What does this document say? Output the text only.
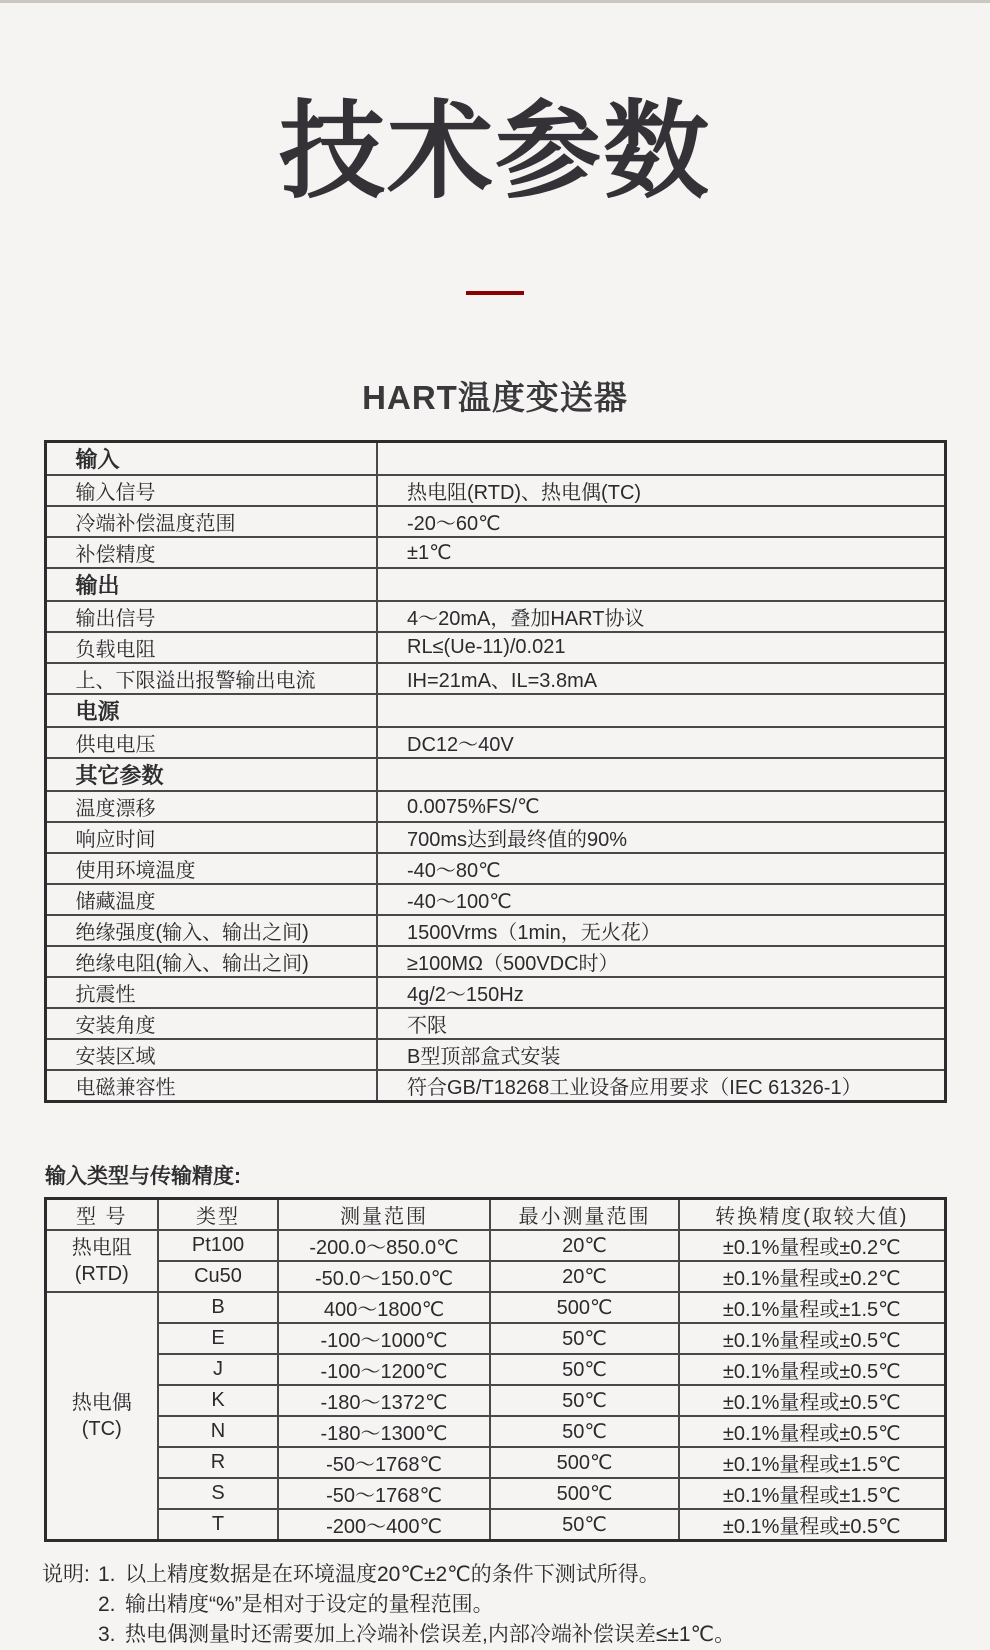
技术参数
HART温度变送器
输入	
输入信号	热电阻(RTD)、热电偶(TC)
冷端补偿温度范围	-20～60℃
补偿精度	±1℃
输出	
输出信号	4～20mA，叠加HART协议
负载电阻	RL≤(Ue-11)/0.021
上、下限溢出报警输出电流	IH=21mA、IL=3.8mA
电源	
供电电压	DC12～40V
其它参数	
温度漂移	0.0075%FS/℃
响应时间	700ms达到最终值的90%
使用环境温度	-40～80℃
储藏温度	-40～100℃
绝缘强度(输入、输出之间)	1500Vrms（1min，无火花）
绝缘电阻(输入、输出之间)	≥100MΩ（500VDC时）
抗震性	4g/2～150Hz
安装角度	不限
安装区域	B型顶部盒式安装
电磁兼容性	符合GB/T18268工业设备应用要求（IEC 61326-1）
输入类型与传输精度:
型 号	类型	测量范围	最小测量范围	转换精度(取较大值)

热电阻
(RTD)	Pt100	-200.0～850.0℃	20℃	±0.1%量程或±0.2℃
	Cu50	-50.0～150.0℃	20℃	±0.1%量程或±0.2℃

热电偶
(TC)	B	400～1800℃	500℃	±0.1%量程或±1.5℃
	E	-100～1000℃	50℃	±0.1%量程或±0.5℃
	J	-100～1200℃	50℃	±0.1%量程或±0.5℃
	K	-180～1372℃	50℃	±0.1%量程或±0.5℃
	N	-180～1300℃	50℃	±0.1%量程或±0.5℃
	R	-50～1768℃	500℃	±0.1%量程或±1.5℃
	S	-50～1768℃	500℃	±0.1%量程或±1.5℃
	T	-200～400℃	50℃	±0.1%量程或±0.5℃
说明: 1. 以上精度数据是在环境温度20℃±2℃的条件下测试所得。
2. 输出精度“%”是相对于设定的量程范围。
3. 热电偶测量时还需要加上冷端补偿误差,内部冷端补偿误差≤±1℃。
